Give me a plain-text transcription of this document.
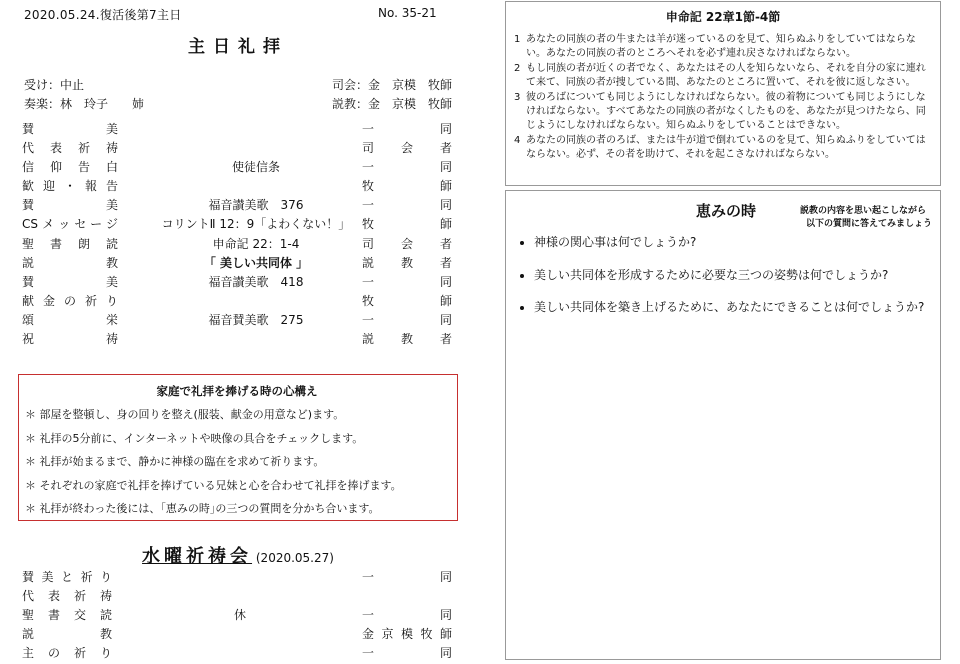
2020.05.24.復活後第7主日	No. 35-21
主日礼拝
受け：中止	司会：金　京模　牧師
奏楽：林　玲子　　姉	説教：金　京模　牧師
賛美	一同
代表祈祷	司会者
信仰告白	使徒信条	一同
歓迎・報告	牧師
賛美	福音讃美歌　376	一同
CSメッセージ	コリントⅡ 12：9「よわくない！」 牧師
聖書朗読	申命記 22：1-4	司会者
説教	「 美しい共同体 」	説教者
賛美	福音讃美歌　418	一同
献金の祈り	牧師
頌栄	福音賛美歌　275	一同
祝祷	説教者
家庭で礼拝を捧げる時の心構え
＊ 部屋を整頓し、身の回りを整え(服装、献金の用意など)ます。
＊ 礼拝の5分前に、インターネットや映像の具合をチェックします。
＊ 礼拝が始まるまで、静かに神様の臨在を求めて祈ります。
＊ それぞれの家庭で礼拝を捧げている兄妹と心を合わせて礼拝を捧げます。
＊ 礼拝が終わった後には、｢恵みの時｣の三つの質問を分かち合います。
水曜祈祷会 (2020.05.27)
賛美と祈り	一同
代表祈祷
聖書交読	休	一同
説教	金京模牧師
主の祈り	一同
申命記 22章1節-4節
1 あなたの同族の者の牛または羊が迷っているのを見て、知らぬふりをしていてはならない。あなたの同族の者のところへそれを必ず連れ戻さなければならない。
2 もし同族の者が近くの者でなく、あなたはその人を知らないなら、それを自分の家に連れて来て、同族の者が捜している間、あなたのところに置いて、それを彼に返しなさい。
3 彼のろばについても同じようにしなければならない。彼の着物についても同じようにしなければならない。すべてあなたの同族の者がなくしたものを、あなたが見つけたなら、同じようにしなければならない。知らぬふりをしていることはできない。
4 あなたの同族の者のろば、または牛が道で倒れているのを見て、知らぬふりをしていてはならない。必ず、その者を助けて、それを起こさなければならない。
恵みの時	説教の内容を思い起こしながら
以下の質問に答えてみましょう
神様の関心事は何でしょうか?
美しい共同体を形成するために必要な三つの姿勢は何でしょうか?
美しい共同体を築き上げるために、あなたにできることは何でしょうか?
